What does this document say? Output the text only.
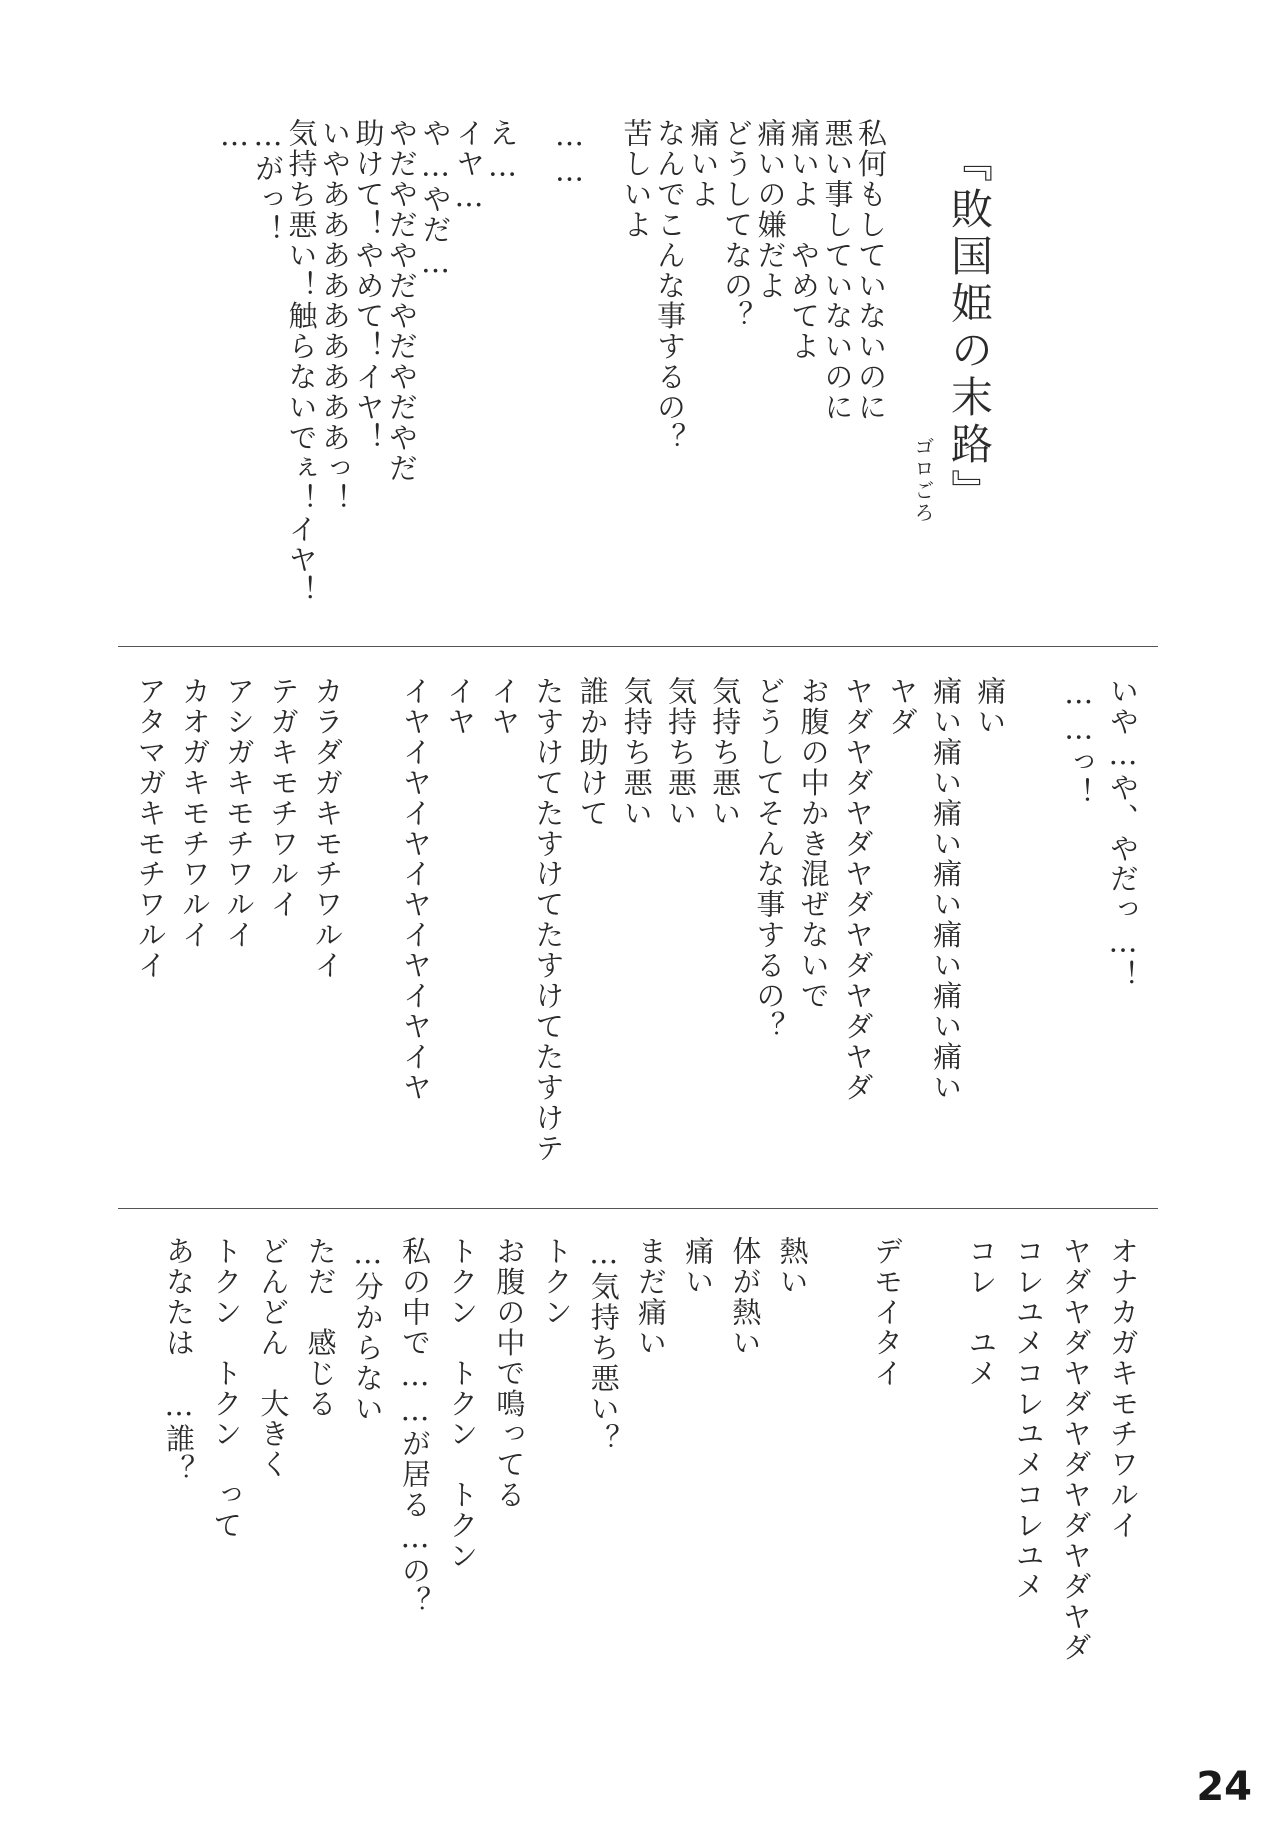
『敗国姫の末路』
ゴロごろ
私何もしていないのに
悪い事していないのに
痛いよ　やめてよ
痛いの嫌だよ
どうしてなの？
痛いよ
なんでこんな事するの？
苦しいよ
……
え…
イヤ…
や…やだ…
やだやだやだやだやだやだ
助けて！やめて！イヤ！
いやあああああああああっ！
気持ち悪い！触らないでぇ！イヤ！
…がっ！
…
いや…や、やだっ…！
……っ！
痛い
痛い痛い痛い痛い痛い痛い痛い
ヤダ
ヤダヤダヤダヤダヤダヤダヤダ
お腹の中かき混ぜないで
どうしてそんな事するの？
気持ち悪い
気持ち悪い
気持ち悪い
誰か助けて
たすけてたすけてたすけてたすけテ
イヤ
イヤ
イヤイヤイヤイヤイヤイヤイヤ
カラダガキモチワルイ
テガキモチワルイ
アシガキモチワルイ
カオガキモチワルイ
アタマガキモチワルイ
オナカガキモチワルイ
ヤダヤダヤダヤダヤダヤダヤダ
コレユメコレユメコレユメ
コレ　ユメ
デモイタイ
熱い
体が熱い
痛い
まだ痛い
…気持ち悪い？
トクン
お腹の中で鳴ってる
トクン　トクン　トクン
私の中で……が居る…の？
…分からない
ただ　感じる
どんどん　大きく
トクン　トクン　って
あなたは　…誰？
24
